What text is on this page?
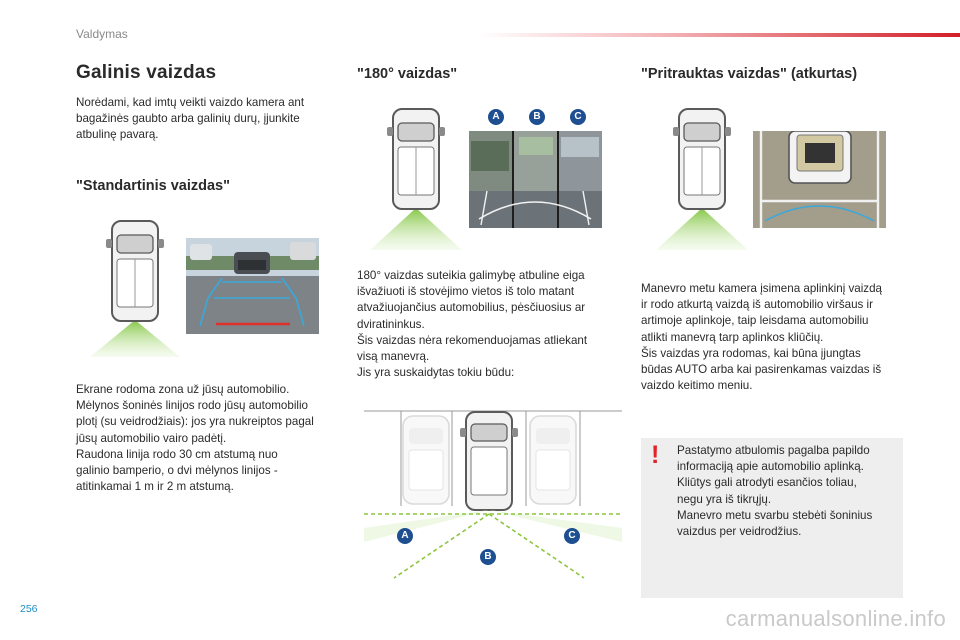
Valdymas
Galinis vaizdas

Norėdami, kad imtų veikti vaizdo kamera ant
bagažinės gaubto arba galinių durų, įjunkite
atbulinę pavarą.

"Standartinis vaizdas"

Ekrane rodoma zona už jūsų automobilio.
Mėlynos šoninės linijos rodo jūsų automobilio
plotį (su veidrodžiais): jos yra nukreiptos pagal
jūsų automobilio vairo padėtį.
Raudona linija rodo 30 cm atstumą nuo
galinio bamperio, o dvi mėlynos linijos -
atitinkamai 1 m ir 2 m atstumą.

"180° vaizdas"
A	B	C

180° vaizdas suteikia galimybę atbuline eiga
išvažiuoti iš stovėjimo vietos iš tolo matant
atvažiuojančius automobilius, pėsčiuosius ar
dviratininkus.
Šis vaizdas nėra rekomenduojamas atliekant
visą manevrą.
Jis yra suskaidytas tokiu būdu:

A
B
C
"Pritrauktas vaizdas" (atkurtas)

Manevro metu kamera įsimena aplinkinį vaizdą
ir rodo atkurtą vaizdą iš automobilio viršaus ir
artimoje aplinkoje, taip leisdama automobiliu
atlikti manevrą tarp aplinkos kliūčių.
Šis vaizdas yra rodomas, kai būna įjungtas
būdas AUTO arba kai pasirenkamas vaizdas iš
vaizdo keitimo meniu.

! Pastatymo atbulomis pagalba papildo
informaciją apie automobilio aplinką.
Kliūtys gali atrodyti esančios toliau,
negu yra iš tikrųjų.
Manevro metu svarbu stebėti šoninius
vaizdus per veidrodžius.

256	carmanualsonline.info
